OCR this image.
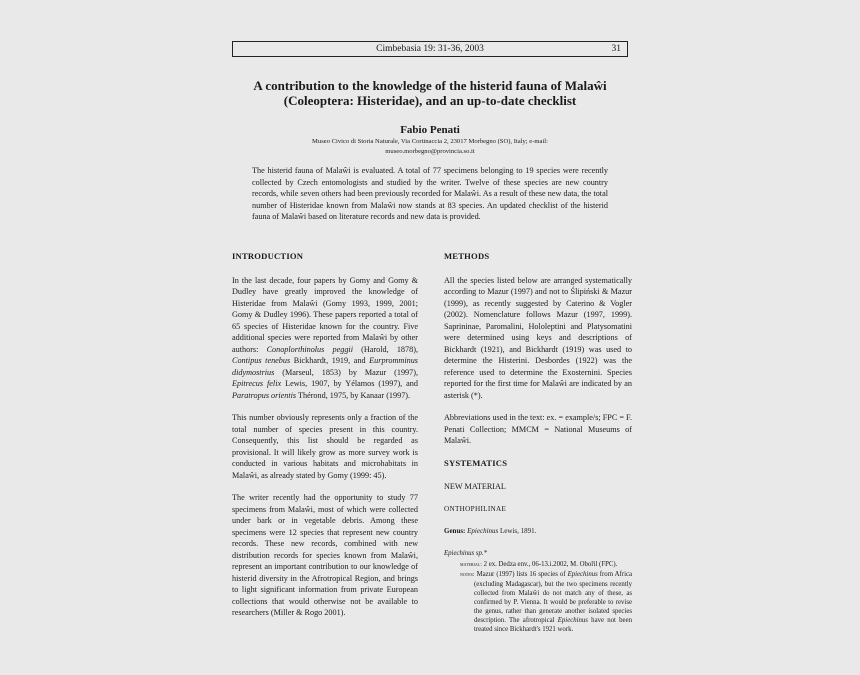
Cimbebasia 19: 31-36, 2003	31
A contribution to the knowledge of the histerid fauna of Malaŵi (Coleoptera: Histeridae), and an up-to-date checklist
Fabio Penati
Museo Civico di Storia Naturale, Via Cortinaccia 2, 23017 Morbegno (SO), Italy; e-mail: museo.morbegno@provincia.so.it

The histerid fauna of Malaŵi is evaluated. A total of 77 specimens belonging to 19 species were recently collected by Czech entomologists and studied by the writer. Twelve of these species are new country records, while seven others had been previously recorded for Malaŵi. As a result of these new data, the total number of Histeridae known from Malaŵi now stands at 83 species. An updated checklist of the histerid fauna of Malaŵi based on literature records and new data is provided.

INTRODUCTION

In the last decade, four papers by Gomy and Gomy & Dudley have greatly improved the knowledge of Histeridae from Malaŵi (Gomy 1993, 1999, 2001; Gomy & Dudley 1996). These papers reported a total of 65 species of Histeridae known for the country. Five additional species were reported from Malaŵi by other authors: Conoplorthinolus peggii (Harold, 1878), Contipus tenebus Bickhardt, 1919, and Eurpromminus didymostrius (Marseul, 1853) by Mazur (1997), Epitrecus felix Lewis, 1907, by Yélamos (1997), and Paratropus orientis Thérond, 1975, by Kanaar (1997).

This number obviously represents only a fraction of the total number of species present in this country. Consequently, this list should be regarded as provisional. It will likely grow as more survey work is conducted in various habitats and microhabitats in Malaŵi, as already stated by Gomy (1999: 45).

The writer recently had the opportunity to study 77 specimens from Malaŵi, most of which were collected under bark or in vegetable debris. Among these specimens were 12 species that represent new country records. These new records, combined with new distribution records for species known from Malaŵi, represent an important contribution to our knowledge of histerid diversity in the Afrotropical Region, and brings to light significant information from private European collections that would otherwise not be available to researchers (Miller & Rogo 2001).

METHODS

All the species listed below are arranged systematically according to Mazur (1997) and not to Ślipiński & Mazur (1999), as recently suggested by Caterino & Vogler (2002). Nomenclature follows Mazur (1997, 1999). Saprininae, Paromalini, Hololeptini and Platysomatini were determined using keys and descriptions of Bickhardt (1921), and Bickhardt (1919) was used to determine the Histerini. Desbordes (1922) was the reference used to determine the Exosternini. Species reported for the first time for Malaŵi are indicated by an asterisk (*).

Abbreviations used in the text: ex. = example/s; FPC = F. Penati Collection; MMCM = National Museums of Malaŵi.

SYSTEMATICS
NEW MATERIAL
ONTHOPHILINAE
Genus: Epiechinus Lewis, 1891.
Epiechinus sp.*
material: 2 ex. Dedza env., 06-13.i.2002, M. Obořil (FPC).
notes: Mazur (1997) lists 16 species of Epiechinus from Africa (excluding Madagascar), but the two specimens recently collected from Malaŵi do not match any of these, as confirmed by P. Vienna. It would be preferable to revise the genus, rather than generate another isolated species description. The afrotropical Epiechinus have not been treated since Bickhardt's 1921 work.
